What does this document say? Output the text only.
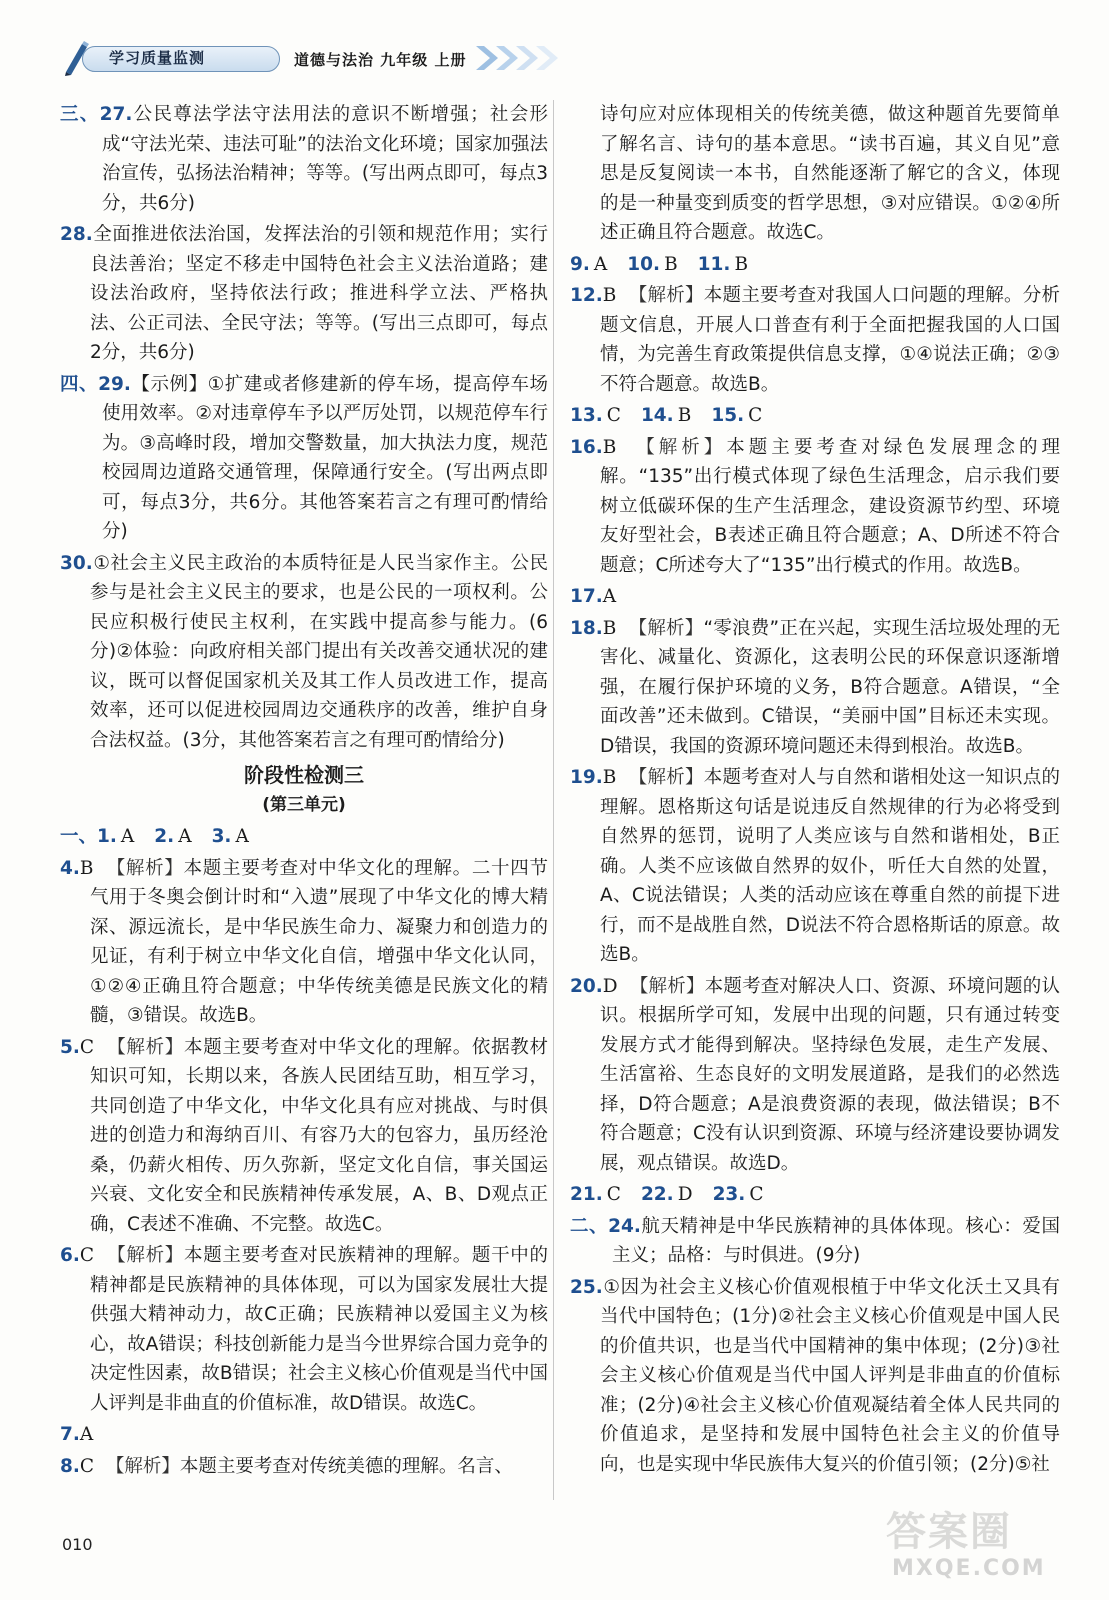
学习质量监测	道德与法治 九年级 上册

三、27.公民尊法学法守法用法的意识不断增强；社会形成“守法光荣、违法可耻”的法治文化环境；国家加强法治宣传，弘扬法治精神；等等。(写出两点即可，每点3分，共6分)

28.全面推进依法治国，发挥法治的引领和规范作用；实行良法善治；坚定不移走中国特色社会主义法治道路；建设法治政府，坚持依法行政；推进科学立法、严格执法、公正司法、全民守法；等等。(写出三点即可，每点2分，共6分)

四、29.【示例】①扩建或者修建新的停车场，提高停车场使用效率。②对违章停车予以严厉处罚，以规范停车行为。③高峰时段，增加交警数量，加大执法力度，规范校园周边道路交通管理，保障通行安全。(写出两点即可，每点3分，共6分。其他答案若言之有理可酌情给分)

30.①社会主义民主政治的本质特征是人民当家作主。公民参与是社会主义民主的要求，也是公民的一项权利。公民应积极行使民主权利，在实践中提高参与能力。(6分)②体验：向政府相关部门提出有关改善交通状况的建议，既可以督促国家机关及其工作人员改进工作，提高效率，还可以促进校园周边交通秩序的改善，维护自身合法权益。(3分，其他答案若言之有理可酌情给分)

阶段性检测三
(第三单元)

一、1. A 2. A 3. A

4.B 【解析】本题主要考查对中华文化的理解。二十四节气用于冬奥会倒计时和“入遗”展现了中华文化的博大精深、源远流长，是中华民族生命力、凝聚力和创造力的见证，有利于树立中华文化自信，增强中华文化认同，①②④正确且符合题意；中华传统美德是民族文化的精髓，③错误。故选B。

5.C 【解析】本题主要考查对中华文化的理解。依据教材知识可知，长期以来，各族人民团结互助，相互学习，共同创造了中华文化，中华文化具有应对挑战、与时俱进的创造力和海纳百川、有容乃大的包容力，虽历经沧桑，仍薪火相传、历久弥新，坚定文化自信，事关国运兴衰、文化安全和民族精神传承发展，A、B、D观点正确，C表述不准确、不完整。故选C。

6.C 【解析】本题主要考查对民族精神的理解。题干中的精神都是民族精神的具体体现，可以为国家发展壮大提供强大精神动力，故C正确；民族精神以爱国主义为核心，故A错误；科技创新能力是当今世界综合国力竞争的决定性因素，故B错误；社会主义核心价值观是当代中国人评判是非曲直的价值标准，故D错误。故选C。

7.A

8.C 【解析】本题主要考查对传统美德的理解。名言、

诗句应对应体现相关的传统美德，做这种题首先要简单了解名言、诗句的基本意思。“读书百遍，其义自见”意思是反复阅读一本书，自然能逐渐了解它的含义，体现的是一种量变到质变的哲学思想，③对应错误。①②④所述正确且符合题意。故选C。

9. A 10. B 11. B

12.B 【解析】本题主要考查对我国人口问题的理解。分析题文信息，开展人口普查有利于全面把握我国的人口国情，为完善生育政策提供信息支撑，①④说法正确；②③不符合题意。故选B。

13. C 14. B 15. C

16.B 【解析】本题主要考查对绿色发展理念的理解。“135”出行模式体现了绿色生活理念，启示我们要树立低碳环保的生产生活理念，建设资源节约型、环境友好型社会，B表述正确且符合题意；A、D所述不符合题意；C所述夸大了“135”出行模式的作用。故选B。

17.A

18.B 【解析】“零浪费”正在兴起，实现生活垃圾处理的无害化、减量化、资源化，这表明公民的环保意识逐渐增强，在履行保护环境的义务，B符合题意。A错误，“全面改善”还未做到。C错误，“美丽中国”目标还未实现。D错误，我国的资源环境问题还未得到根治。故选B。

19.B 【解析】本题考查对人与自然和谐相处这一知识点的理解。恩格斯这句话是说违反自然规律的行为必将受到自然界的惩罚，说明了人类应该与自然和谐相处，B正确。人类不应该做自然界的奴仆，听任大自然的处置，A、C说法错误；人类的活动应该在尊重自然的前提下进行，而不是战胜自然，D说法不符合恩格斯话的原意。故选B。

20.D 【解析】本题考查对解决人口、资源、环境问题的认识。根据所学可知，发展中出现的问题，只有通过转变发展方式才能得到解决。坚持绿色发展，走生产发展、生活富裕、生态良好的文明发展道路，是我们的必然选择，D符合题意；A是浪费资源的表现，做法错误；B不符合题意；C没有认识到资源、环境与经济建设要协调发展，观点错误。故选D。

21. C 22. D 23. C

二、24.航天精神是中华民族精神的具体体现。核心：爱国主义；品格：与时俱进。(9分)

25.①因为社会主义核心价值观根植于中华文化沃土又具有当代中国特色；(1分)②社会主义核心价值观是中国人民的价值共识，也是当代中国精神的集中体现；(2分)③社会主义核心价值观是当代中国人评判是非曲直的价值标准；(2分)④社会主义核心价值观凝结着全体人民共同的价值追求，是坚持和发展中国特色社会主义的价值导向，也是实现中华民族伟大复兴的价值引领；(2分)⑤社

010	答案圈
MXQE.COM
